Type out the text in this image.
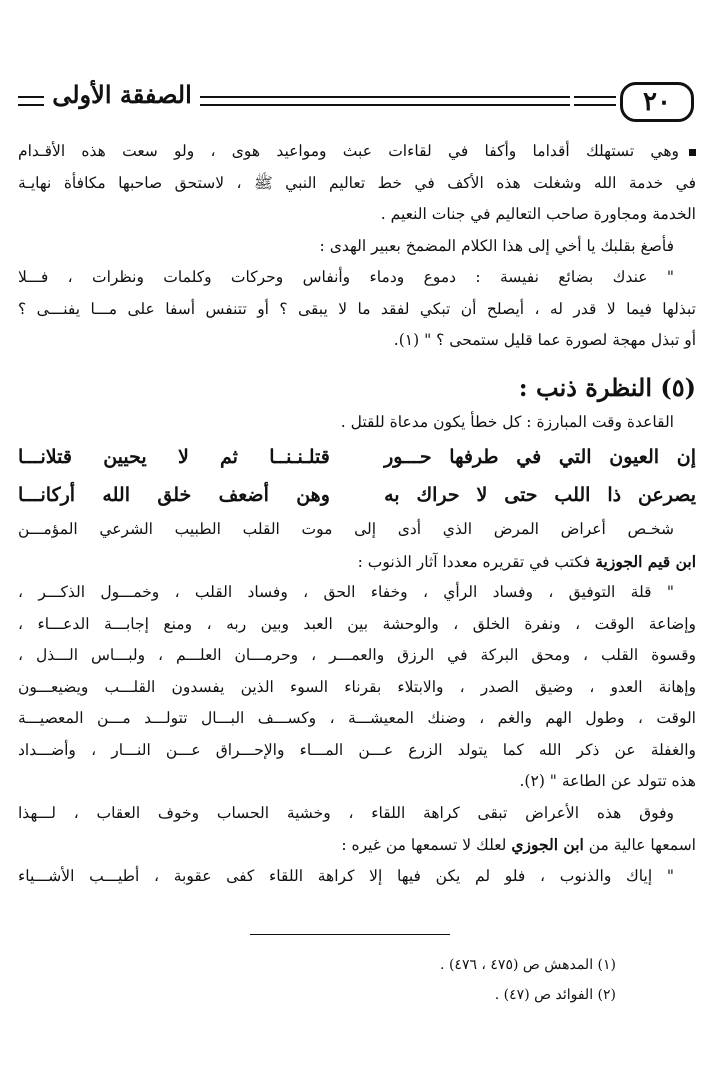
٢٠
الصفقة الأولى

وهي تستهلك أقداما وأكفا في لقاءات عبث ومواعيد هوى ، ولو سعت هذه الأقـدام

في خدمة الله وشغلت هذه الأكف في خط تعاليم النبي ﷺ ، لاستحق صاحبها مكافأة نهايـة

الخدمة ومجاورة صاحب التعاليم في جنات النعيم .

فأصغ بقلبك يا أخي إلى هذا الكلام المضمخ بعبير الهدى :

" عندك بضائع نفيسة : دموع ودماء وأنفاس وحركات وكلمات ونظرات ، فـــلا

تبذلها فيما لا قدر له ، أيصلح أن تبكي لفقد ما لا يبقى ؟ أو تتنفس أسفا على مـــا يفنـــى ؟

أو تبذل مهجة لصورة عما قليل ستمحى ؟ " (١).

(٥) النظرة ذنب :

القاعدة وقت المبارزة : كل خطأ يكون مدعاة للقتل .

إن العيون التي في طرفها حـــور
قتلـنـنــا ثم لا يحيين قتلانـــا
يصرعن ذا اللب حتى لا حراك به
وهن أضعف خلق الله أركانـــا

شخـص أعراض المرض الذي أدى إلى موت القلب الطبيب الشرعي المؤمـــن

ابن قيم الجوزية فكتب في تقريره معددا آثار الذنوب :

" قلة التوفيق ، وفساد الرأي ، وخفاء الحق ، وفساد القلب ، وخمـــول الذكـــر ،

وإضاعة الوقت ، ونفرة الخلق ، والوحشة بين العبد وبين ربه ، ومنع إجابـــة الدعـــاء ،

وقسوة القلب ، ومحق البركة في الرزق والعمـــر ، وحرمـــان العلـــم ، ولبـــاس الـــذل ،

وإهانة العدو ، وضيق الصدر ، والابتلاء بقرناء السوء الذين يفسدون القلـــب ويضيعـــون

الوقت ، وطول الهم والغم ، وضنك المعيشـــة ، وكســـف البـــال تتولـــد مـــن المعصيـــة

والغفلة عن ذكر الله كما يتولد الزرع عـــن المـــاء والإحـــراق عـــن النـــار ، وأضـــداد

هذه تتولد عن الطاعة " (٢).

وفوق هذه الأعراض تبقى كراهة اللقاء ، وخشية الحساب وخوف العقاب ، لـــهذا

اسمعها عالية من ابن الجوزي لعلك لا تسمعها من غيره :

" إياك والذنوب ، فلو لم يكن فيها إلا كراهة اللقاء كفى عقوبة ، أطيـــب الأشـــياء

(١) المدهش ص (٤٧٥ ، ٤٧٦) .

(٢) الفوائد ص (٤٧) .
